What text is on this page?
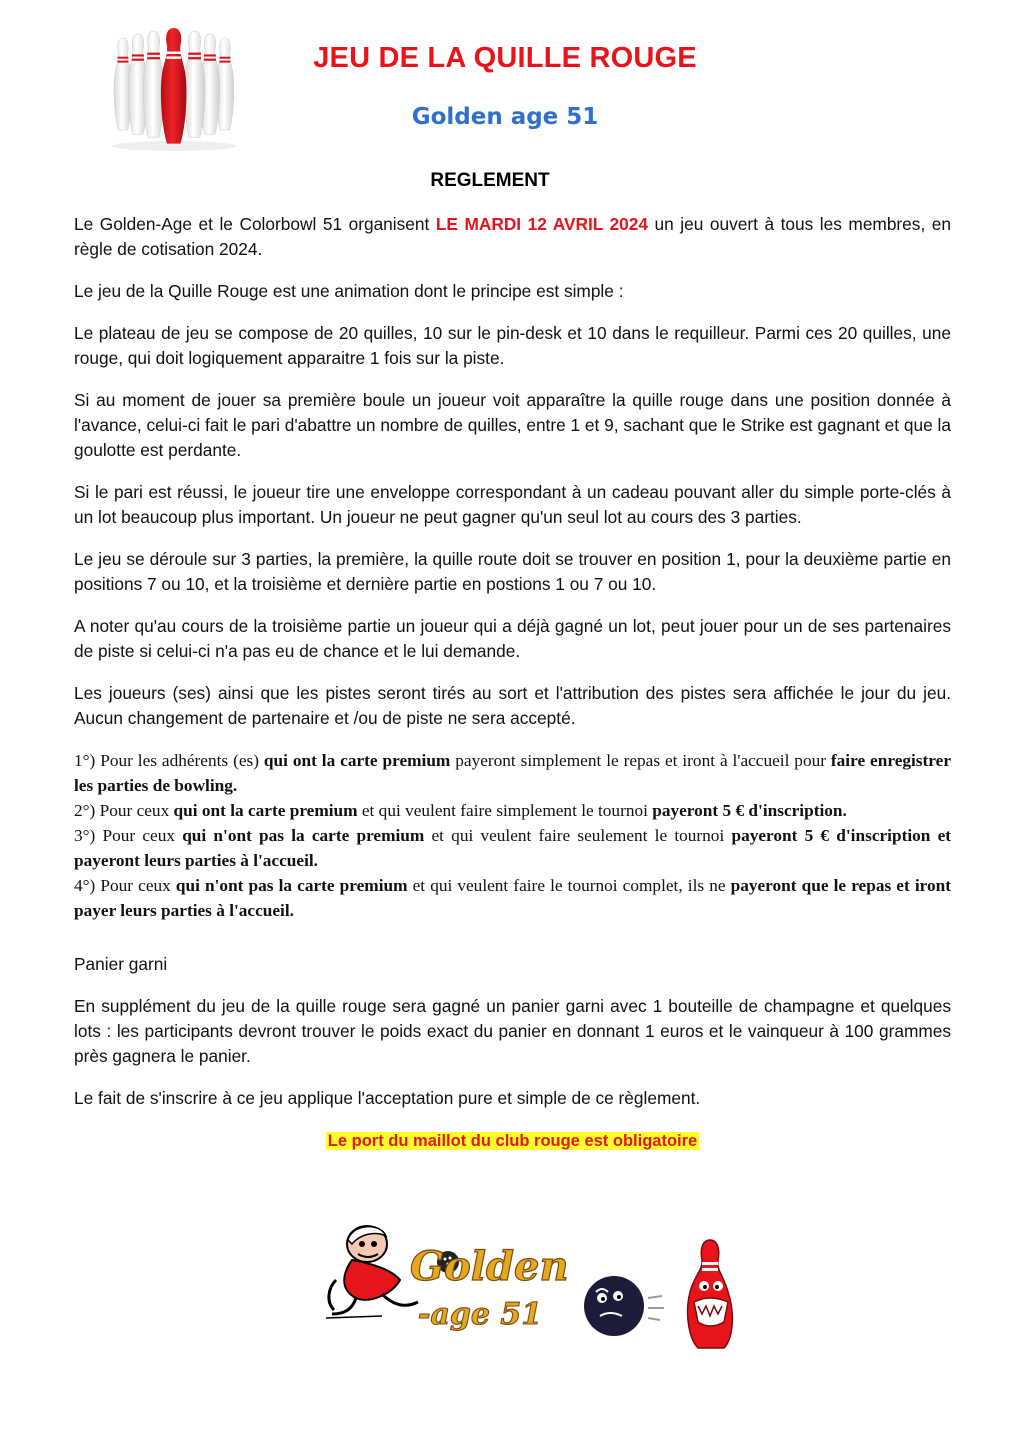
JEU DE LA QUILLE ROUGE
Golden age 51
REGLEMENT

Le Golden-Age et le Colorbowl 51 organisent LE MARDI 12 AVRIL 2024 un jeu ouvert à tous les membres, en règle de cotisation 2024.

Le jeu de la Quille Rouge est une animation dont le principe est simple :

Le plateau de jeu se compose de 20 quilles, 10 sur le pin-desk et 10 dans le requilleur. Parmi ces 20 quilles, une rouge, qui doit logiquement apparaitre 1 fois sur la piste.

Si au moment de jouer sa première boule un joueur voit apparaître la quille rouge dans une position donnée à l'avance, celui-ci fait le pari d'abattre un nombre de quilles, entre 1 et 9, sachant que le Strike est gagnant et que la goulotte est perdante.

Si le pari est réussi, le joueur tire une enveloppe correspondant à un cadeau pouvant aller du simple porte-clés à un lot beaucoup plus important. Un joueur ne peut gagner qu'un seul lot au cours des 3 parties.

Le jeu se déroule sur 3 parties, la première, la quille route doit se trouver en position 1, pour la deuxième partie en positions 7 ou 10, et la troisième et dernière partie en postions 1 ou 7 ou 10.

A noter qu'au cours de la troisième partie un joueur qui a déjà gagné un lot, peut jouer pour un de ses partenaires de piste si celui-ci n'a pas eu de chance et le lui demande.

Les joueurs (ses) ainsi que les pistes seront tirés au sort et l'attribution des pistes sera affichée le jour du jeu. Aucun changement de partenaire et /ou de piste ne sera accepté.

1°) Pour les adhérents (es) qui ont la carte premium payeront simplement le repas et iront à l'accueil pour faire enregistrer les parties de bowling.
2°) Pour ceux qui ont la carte premium et qui veulent faire simplement le tournoi payeront 5 € d'inscription.
3°) Pour ceux qui n'ont pas la carte premium et qui veulent faire seulement le tournoi payeront 5 € d'inscription et payeront leurs parties à l'accueil.
4°) Pour ceux qui n'ont pas la carte premium et qui veulent faire le tournoi complet, ils ne payeront que le repas et iront payer leurs parties à l'accueil.

Panier garni

En supplément du jeu de la quille rouge sera gagné un panier garni avec 1 bouteille de champagne et quelques lots : les participants devront trouver le poids exact du panier en donnant 1 euros et le vainqueur à 100 grammes près gagnera le panier.

Le fait de s'inscrire à ce jeu applique l'acceptation pure et simple de ce règlement.

Le port du maillot du club rouge est obligatoire
Golden
-age 51
